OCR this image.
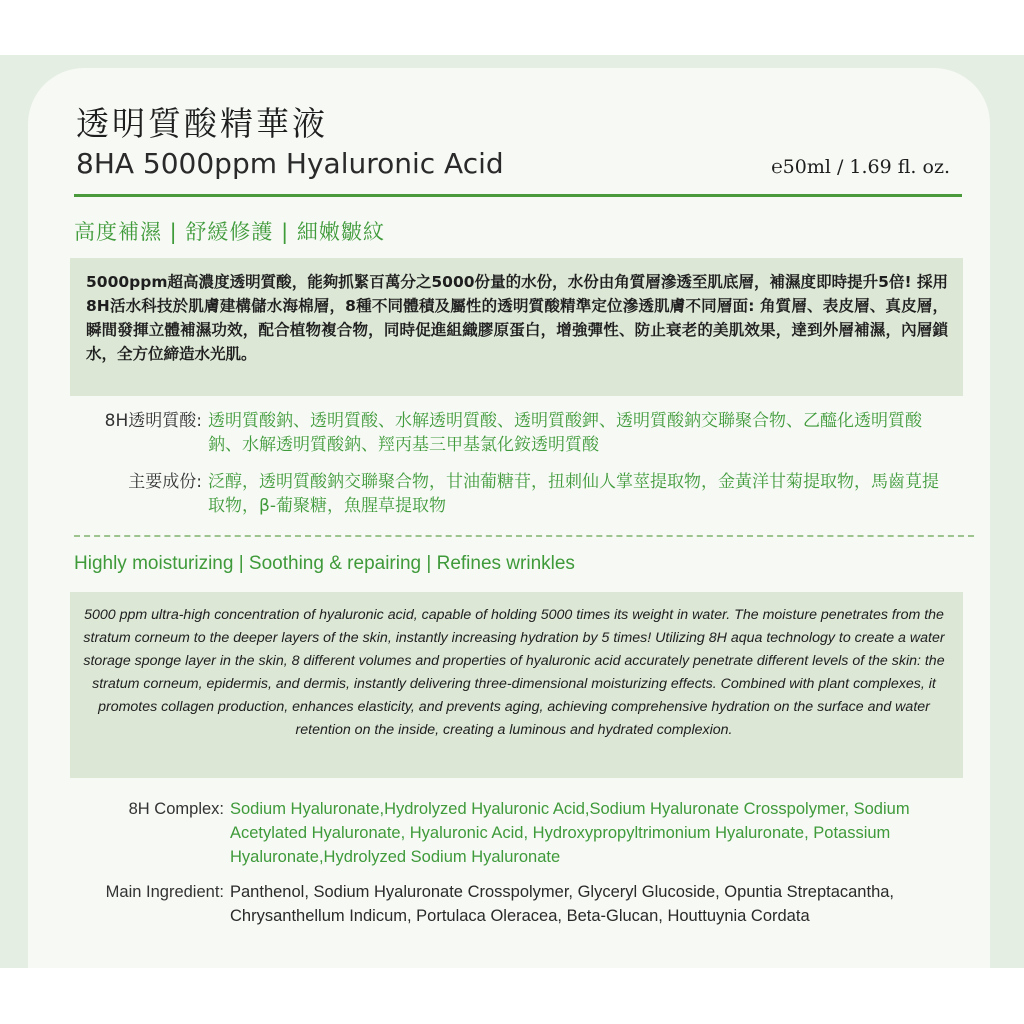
透明質酸精華液
8HA 5000ppm Hyaluronic Acid	℮50ml / 1.69 fl. oz.
高度補濕 | 舒緩修護 | 細嫩皺紋
5000ppm超高濃度透明質酸，能夠抓緊百萬分之5000份量的水份，水份由角質層滲透至肌底層，補濕度即時提升5倍! 採用8H活水科技於肌膚建構儲水海棉層，8種不同體積及屬性的透明質酸精準定位滲透肌膚不同層面: 角質層、表皮層、真皮層，瞬間發揮立體補濕功效，配合植物複合物，同時促進組織膠原蛋白，增強彈性、防止衰老的美肌效果，達到外層補濕，內層鎖水，全方位締造水光肌。
8H透明質酸: 透明質酸鈉、透明質酸、水解透明質酸、透明質酸鉀、透明質酸鈉交聯聚合物、乙醯化透明質酸鈉、水解透明質酸鈉、羥丙基三甲基氯化銨透明質酸
主要成份: 泛醇，透明質酸鈉交聯聚合物，甘油葡糖苷，扭刺仙人掌莖提取物，金黃洋甘菊提取物，馬齒莧提取物，β-葡聚糖，魚腥草提取物
Highly moisturizing | Soothing & repairing | Refines wrinkles
5000 ppm ultra-high concentration of hyaluronic acid, capable of holding 5000 times its weight in water. The moisture penetrates from the stratum corneum to the deeper layers of the skin, instantly increasing hydration by 5 times! Utilizing 8H aqua technology to create a water storage sponge layer in the skin, 8 different volumes and properties of hyaluronic acid accurately penetrate different levels of the skin: the stratum corneum, epidermis, and dermis, instantly delivering three-dimensional moisturizing effects. Combined with plant complexes, it promotes collagen production, enhances elasticity, and prevents aging, achieving comprehensive hydration on the surface and water retention on the inside, creating a luminous and hydrated complexion.
8H Complex: Sodium Hyaluronate,Hydrolyzed Hyaluronic Acid,Sodium Hyaluronate Crosspolymer, Sodium Acetylated Hyaluronate, Hyaluronic Acid, Hydroxypropyltrimonium Hyaluronate, Potassium Hyaluronate,Hydrolyzed Sodium Hyaluronate
Main Ingredient: Panthenol, Sodium Hyaluronate Crosspolymer, Glyceryl Glucoside, Opuntia Streptacantha, Chrysanthellum Indicum, Portulaca Oleracea, Beta-Glucan, Houttuynia Cordata
